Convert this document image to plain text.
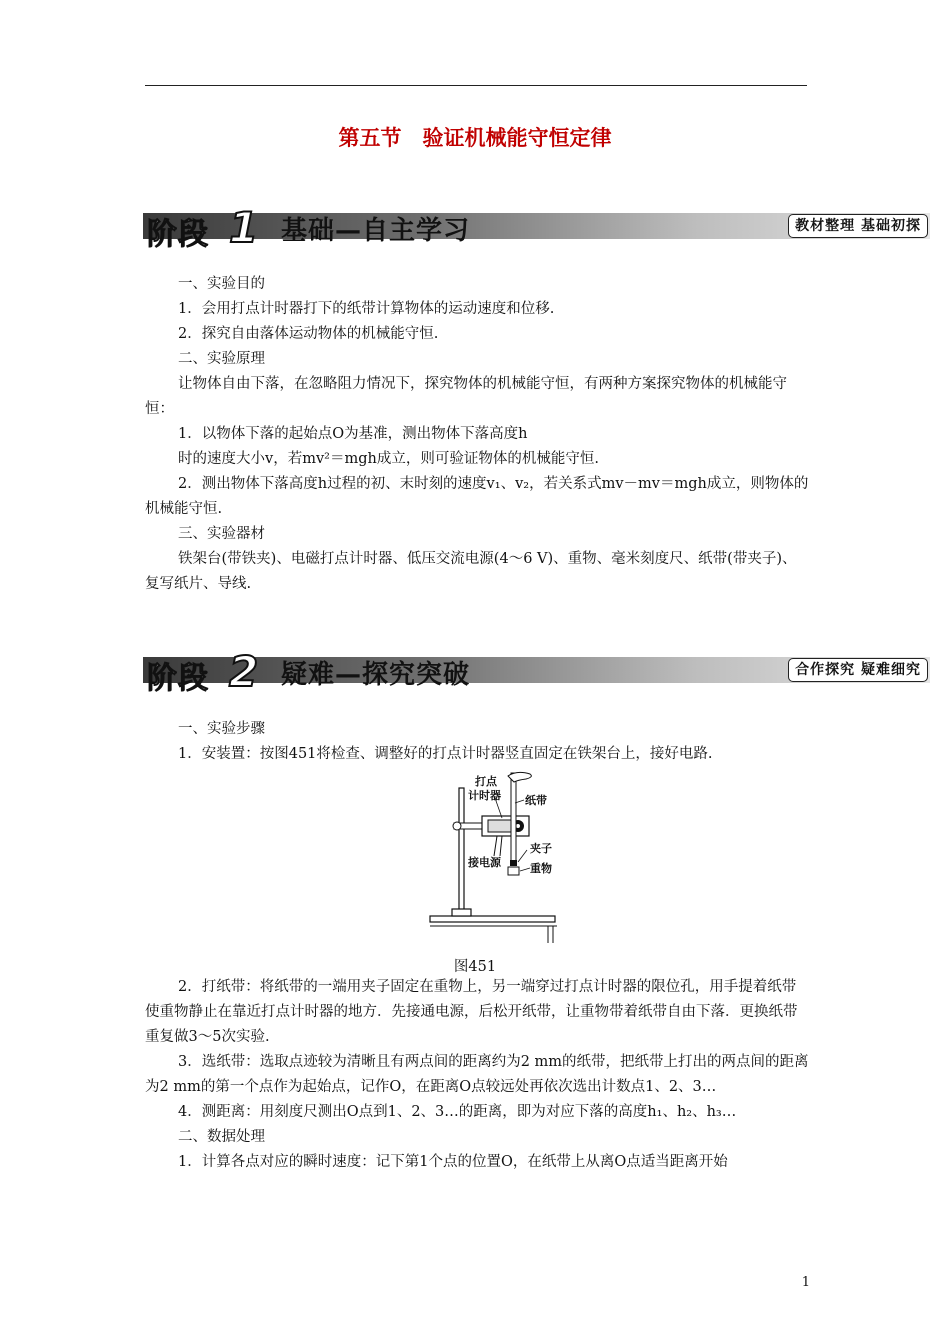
第五节　验证机械能守恒定律
阶段 1 基础—自主学习	教材整理 基础初探

一、实验目的

1．会用打点计时器打下的纸带计算物体的运动速度和位移.

2．探究自由落体运动物体的机械能守恒.

二、实验原理

让物体自由下落，在忽略阻力情况下，探究物体的机械能守恒，有两种方案探究物体的机械能守恒：

1．以物体下落的起始点O为基准，测出物体下落高度h

时的速度大小v，若mv²＝mgh成立，则可验证物体的机械能守恒.

2．测出物体下落高度h过程的初、末时刻的速度v₁、v₂，若关系式mv－mv＝mgh成立，则物体的机械能守恒.

三、实验器材

铁架台(带铁夹)、电磁打点计时器、低压交流电源(4～6 V)、重物、毫米刻度尺、纸带(带夹子)、复写纸片、导线.

阶段 2 疑难—探究突破	合作探究 疑难细究

一、实验步骤

1．安装置：按图451将检查、调整好的打点计时器竖直固定在铁架台上，接好电路.

打点
计时器 纸带
夹子
接电源	重物
图451

2．打纸带：将纸带的一端用夹子固定在重物上，另一端穿过打点计时器的限位孔，用手提着纸带使重物静止在靠近打点计时器的地方．先接通电源，后松开纸带，让重物带着纸带自由下落．更换纸带重复做3～5次实验.

3．选纸带：选取点迹较为清晰且有两点间的距离约为2 mm的纸带，把纸带上打出的两点间的距离为2 mm的第一个点作为起始点，记作O，在距离O点较远处再依次选出计数点1、2、3…

4．测距离：用刻度尺测出O点到1、2、3…的距离，即为对应下落的高度h₁、h₂、h₃…

二、数据处理

1．计算各点对应的瞬时速度：记下第1个点的位置O，在纸带上从离O点适当距离开始

1
